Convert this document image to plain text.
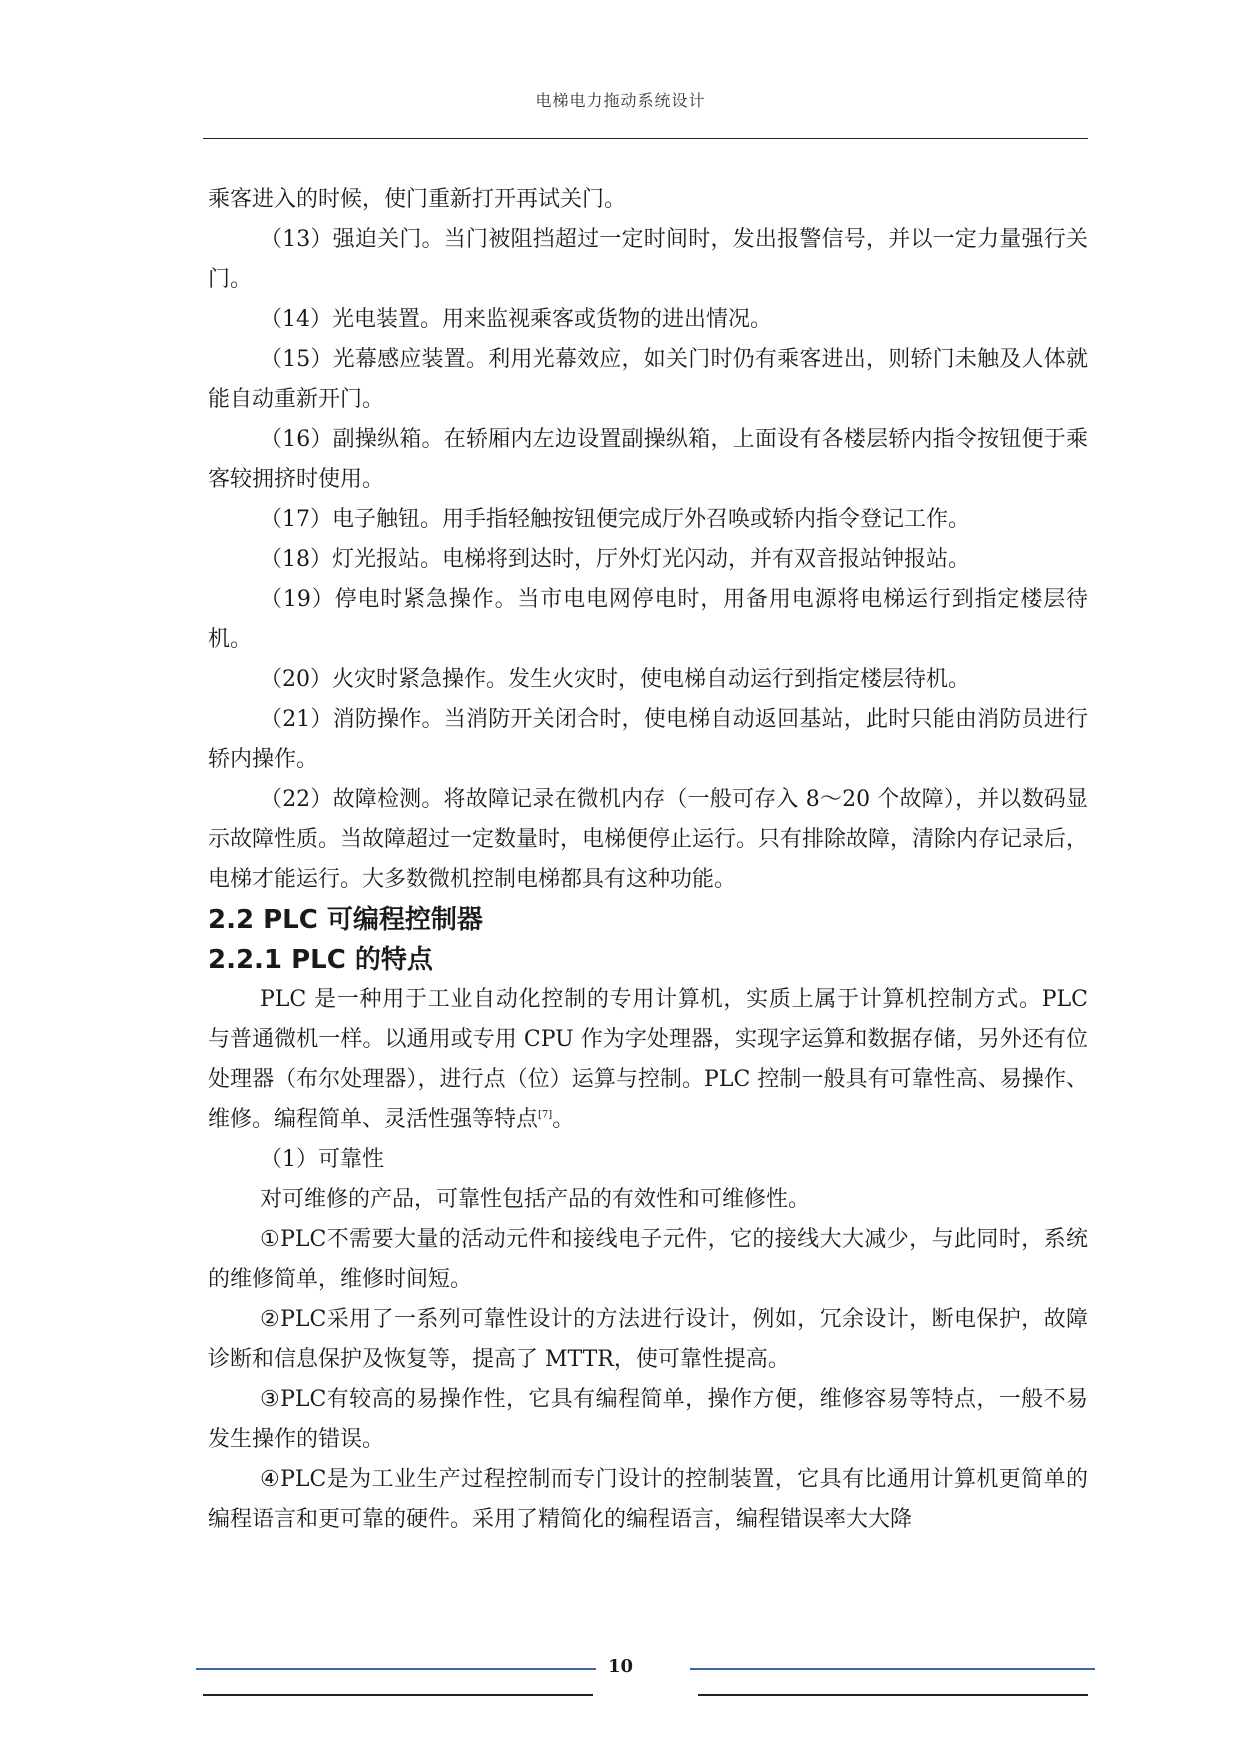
电梯电力拖动系统设计

乘客进入的时候，使门重新打开再试关门。

（13）强迫关门。当门被阻挡超过一定时间时，发出报警信号，并以一定力量强行关门。

（14）光电装置。用来监视乘客或货物的进出情况。

（15）光幕感应装置。利用光幕效应，如关门时仍有乘客进出，则轿门未触及人体就能自动重新开门。

（16）副操纵箱。在轿厢内左边设置副操纵箱，上面设有各楼层轿内指令按钮便于乘客较拥挤时使用。

（17）电子触钮。用手指轻触按钮便完成厅外召唤或轿内指令登记工作。

（18）灯光报站。电梯将到达时，厅外灯光闪动，并有双音报站钟报站。

（19）停电时紧急操作。当市电电网停电时，用备用电源将电梯运行到指定楼层待机。

（20）火灾时紧急操作。发生火灾时，使电梯自动运行到指定楼层待机。

（21）消防操作。当消防开关闭合时，使电梯自动返回基站，此时只能由消防员进行轿内操作。

（22）故障检测。将故障记录在微机内存（一般可存入 8～20 个故障），并以数码显示故障性质。当故障超过一定数量时，电梯便停止运行。只有排除故障，清除内存记录后，电梯才能运行。大多数微机控制电梯都具有这种功能。

2.2 PLC 可编程控制器
2.2.1 PLC 的特点

PLC 是一种用于工业自动化控制的专用计算机，实质上属于计算机控制方式。PLC 与普通微机一样。以通用或专用 CPU 作为字处理器，实现字运算和数据存储，另外还有位处理器（布尔处理器），进行点（位）运算与控制。PLC 控制一般具有可靠性高、易操作、维修。编程简单、灵活性强等特点[7]。

（1）可靠性

对可维修的产品，可靠性包括产品的有效性和可维修性。

①PLC不需要大量的活动元件和接线电子元件，它的接线大大减少，与此同时，系统的维修简单，维修时间短。

②PLC采用了一系列可靠性设计的方法进行设计，例如，冗余设计，断电保护，故障诊断和信息保护及恢复等，提高了 MTTR，使可靠性提高。

③PLC有较高的易操作性，它具有编程简单，操作方便，维修容易等特点，一般不易发生操作的错误。

④PLC是为工业生产过程控制而专门设计的控制装置，它具有比通用计算机更简单的编程语言和更可靠的硬件。采用了精简化的编程语言，编程错误率大大降

10
